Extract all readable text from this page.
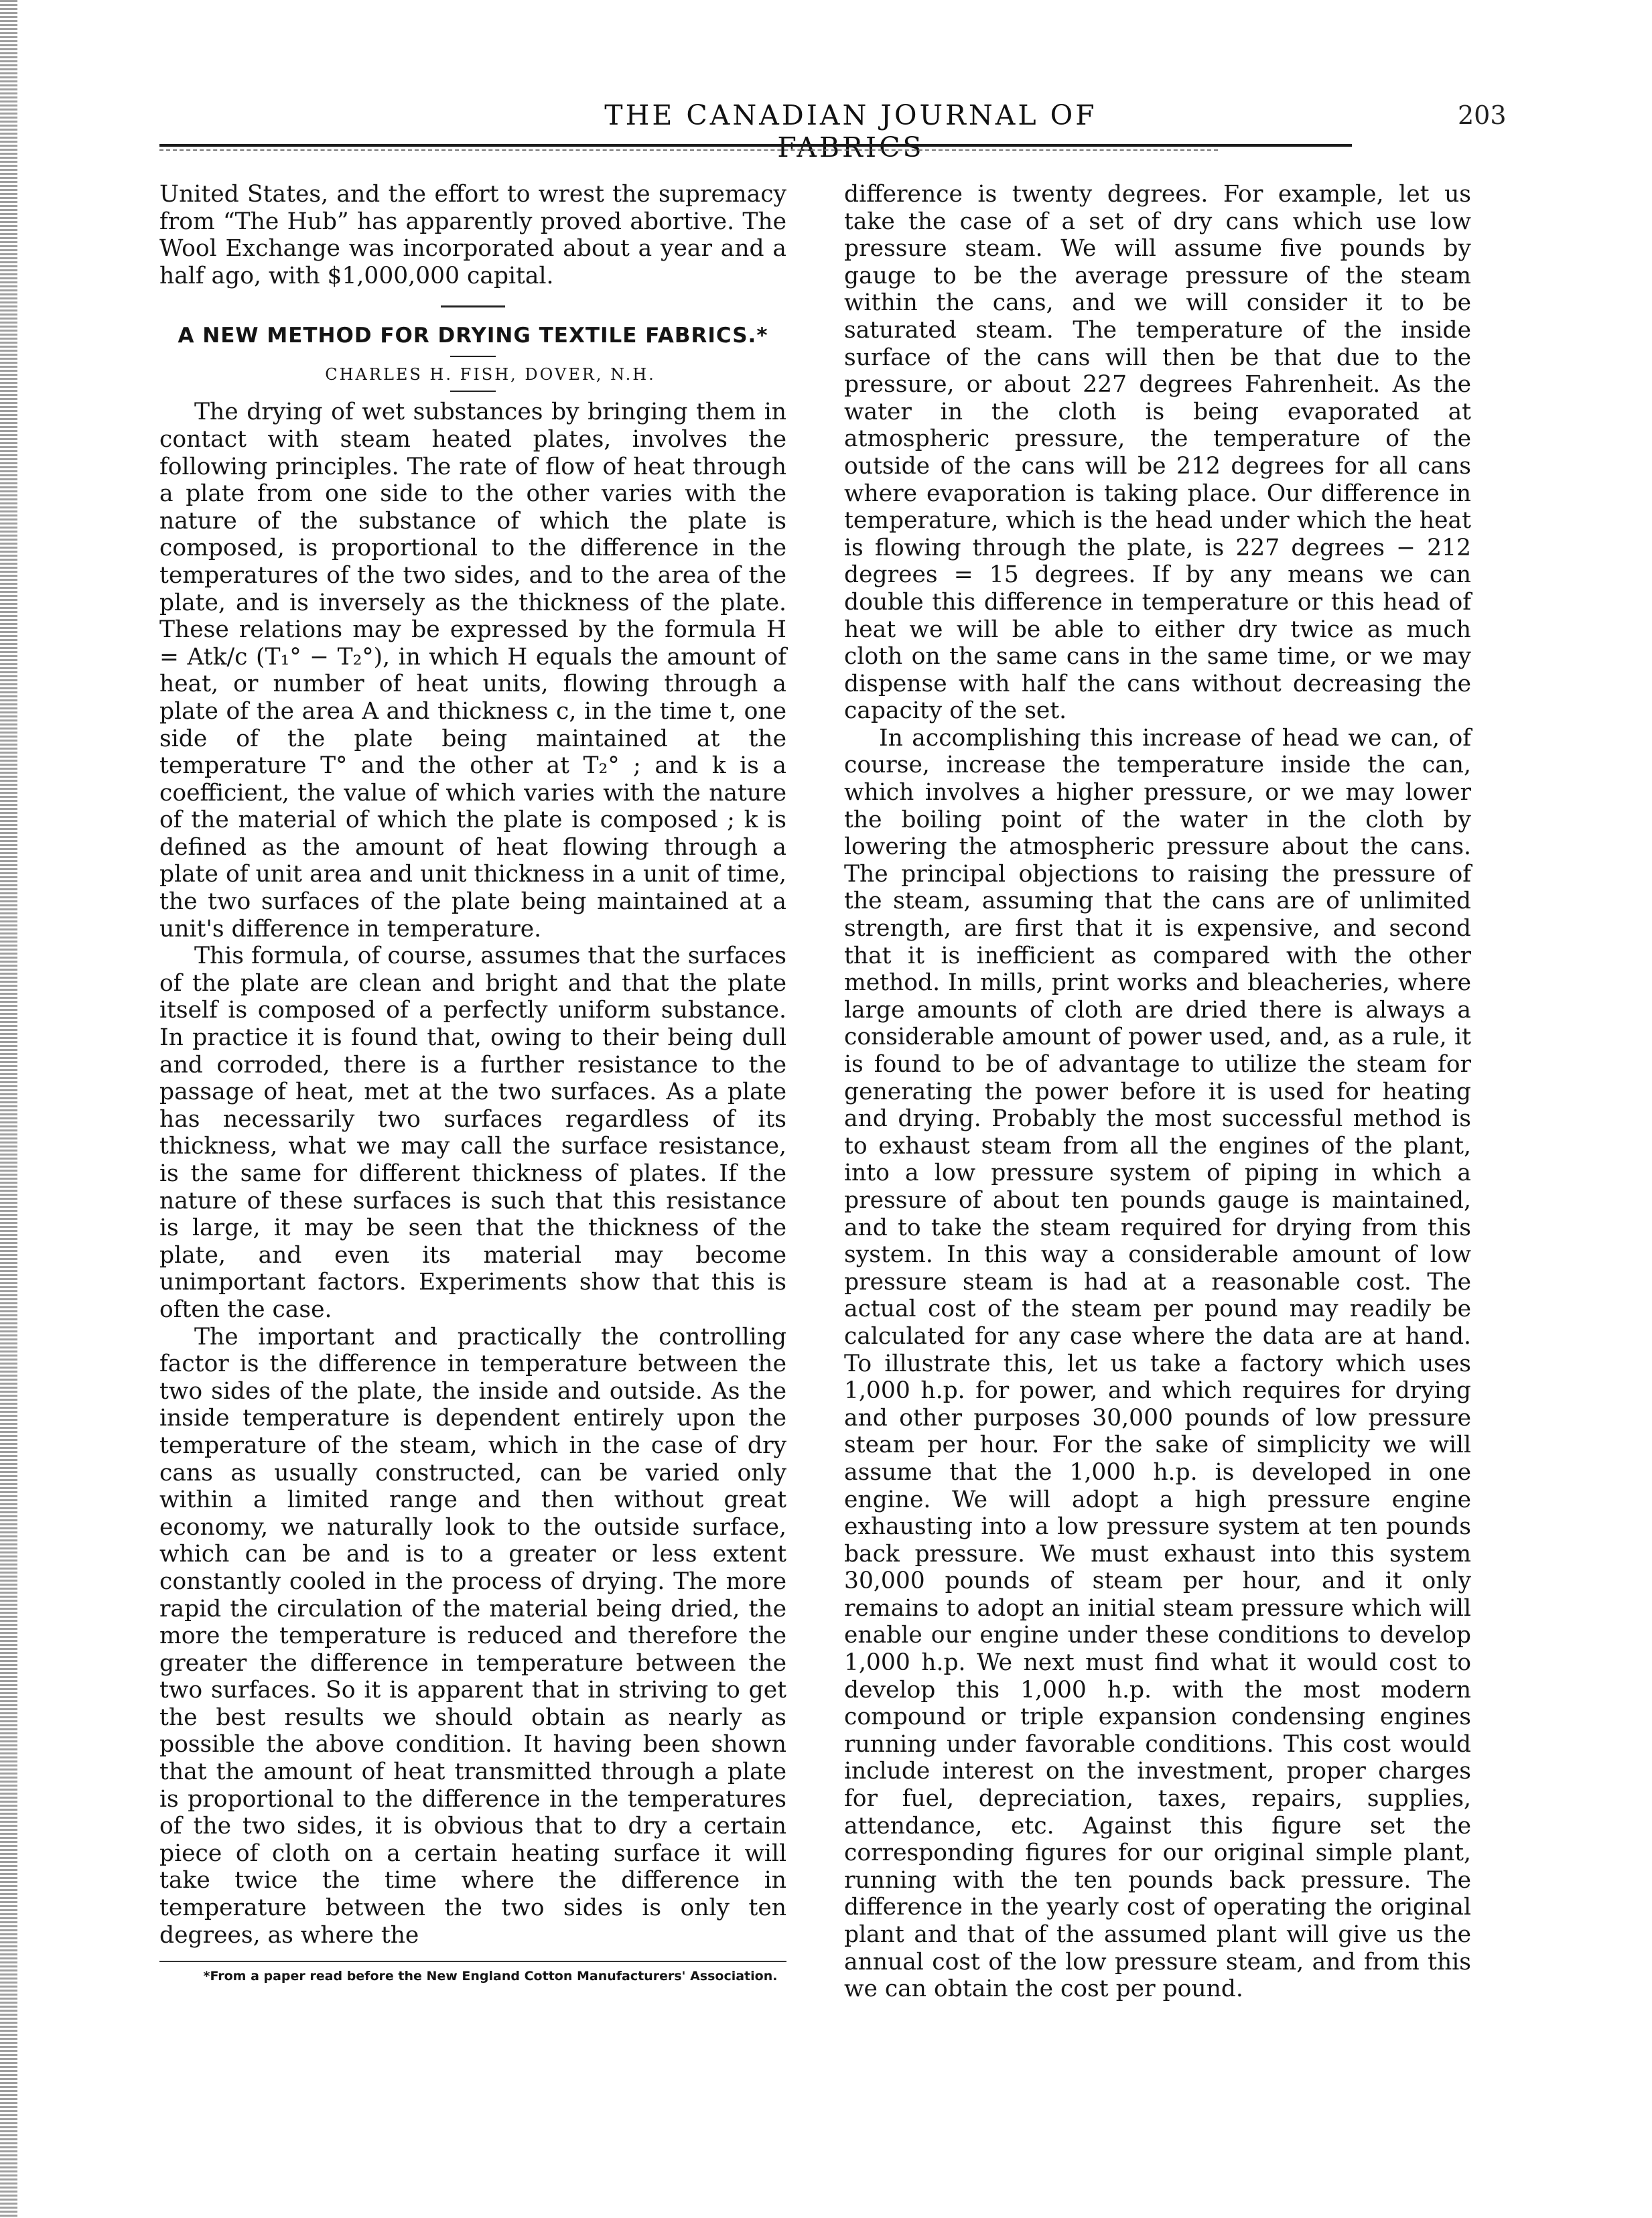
THE CANADIAN JOURNAL OF FABRICS
203

United States, and the effort to wrest the supremacy from “The Hub” has apparently proved abortive. The Wool Exchange was incorporated about a year and a half ago, with $1,000,000 capital.

A NEW METHOD FOR DRYING TEXTILE FABRICS.*

CHARLES H. FISH, DOVER, N.H.

The drying of wet substances by bringing them in contact with steam heated plates, involves the following principles. The rate of flow of heat through a plate from one side to the other varies with the nature of the substance of which the plate is composed, is proportional to the difference in the temperatures of the two sides, and to the area of the plate, and is inversely as the thickness of the plate. These relations may be expressed by the formula H = Atk/c (T₁° − T₂°), in which H equals the amount of heat, or number of heat units, flowing through a plate of the area A and thickness c, in the time t, one side of the plate being maintained at the temperature T° and the other at T₂° ; and k is a coefficient, the value of which varies with the nature of the material of which the plate is composed ; k is defined as the amount of heat flowing through a plate of unit area and unit thickness in a unit of time, the two surfaces of the plate being maintained at a unit's difference in temperature.

This formula, of course, assumes that the surfaces of the plate are clean and bright and that the plate itself is composed of a perfectly uniform substance. In practice it is found that, owing to their being dull and corroded, there is a further resistance to the passage of heat, met at the two surfaces. As a plate has necessarily two surfaces regardless of its thickness, what we may call the surface resistance, is the same for different thickness of plates. If the nature of these surfaces is such that this resistance is large, it may be seen that the thickness of the plate, and even its material may become unimportant factors. Experiments show that this is often the case.

The important and practically the controlling factor is the difference in temperature between the two sides of the plate, the inside and outside. As the inside temperature is dependent entirely upon the temperature of the steam, which in the case of dry cans as usually constructed, can be varied only within a limited range and then without great economy, we naturally look to the outside surface, which can be and is to a greater or less extent constantly cooled in the process of drying. The more rapid the circulation of the material being dried, the more the temperature is reduced and therefore the greater the difference in temperature between the two surfaces. So it is apparent that in striving to get the best results we should obtain as nearly as possible the above condition. It having been shown that the amount of heat transmitted through a plate is proportional to the difference in the temperatures of the two sides, it is obvious that to dry a certain piece of cloth on a certain heating surface it will take twice the time where the difference in temperature between the two sides is only ten degrees, as where the

*From a paper read before the New England Cotton Manufacturers' Association.

difference is twenty degrees. For example, let us take the case of a set of dry cans which use low pressure steam. We will assume five pounds by gauge to be the average pressure of the steam within the cans, and we will consider it to be saturated steam. The temperature of the inside surface of the cans will then be that due to the pressure, or about 227 degrees Fahrenheit. As the water in the cloth is being evaporated at atmospheric pressure, the temperature of the outside of the cans will be 212 degrees for all cans where evaporation is taking place. Our difference in temperature, which is the head under which the heat is flowing through the plate, is 227 degrees − 212 degrees = 15 degrees. If by any means we can double this difference in temperature or this head of heat we will be able to either dry twice as much cloth on the same cans in the same time, or we may dispense with half the cans without decreasing the capacity of the set.

In accomplishing this increase of head we can, of course, increase the temperature inside the can, which involves a higher pressure, or we may lower the boiling point of the water in the cloth by lowering the atmospheric pressure about the cans. The principal objections to raising the pressure of the steam, assuming that the cans are of unlimited strength, are first that it is expensive, and second that it is inefficient as compared with the other method. In mills, print works and bleacheries, where large amounts of cloth are dried there is always a considerable amount of power used, and, as a rule, it is found to be of advantage to utilize the steam for generating the power before it is used for heating and drying. Probably the most successful method is to exhaust steam from all the engines of the plant, into a low pressure system of piping in which a pressure of about ten pounds gauge is maintained, and to take the steam required for drying from this system. In this way a considerable amount of low pressure steam is had at a reasonable cost. The actual cost of the steam per pound may readily be calculated for any case where the data are at hand. To illustrate this, let us take a factory which uses 1,000 h.p. for power, and which requires for drying and other purposes 30,000 pounds of low pressure steam per hour. For the sake of simplicity we will assume that the 1,000 h.p. is developed in one engine. We will adopt a high pressure engine exhausting into a low pressure system at ten pounds back pressure. We must exhaust into this system 30,000 pounds of steam per hour, and it only remains to adopt an initial steam pressure which will enable our engine under these conditions to develop 1,000 h.p. We next must find what it would cost to develop this 1,000 h.p. with the most modern compound or triple expansion condensing engines running under favorable conditions. This cost would include interest on the investment, proper charges for fuel, depreciation, taxes, repairs, supplies, attendance, etc. Against this figure set the corresponding figures for our original simple plant, running with the ten pounds back pressure. The difference in the yearly cost of operating the original plant and that of the assumed plant will give us the annual cost of the low pressure steam, and from this we can obtain the cost per pound.
